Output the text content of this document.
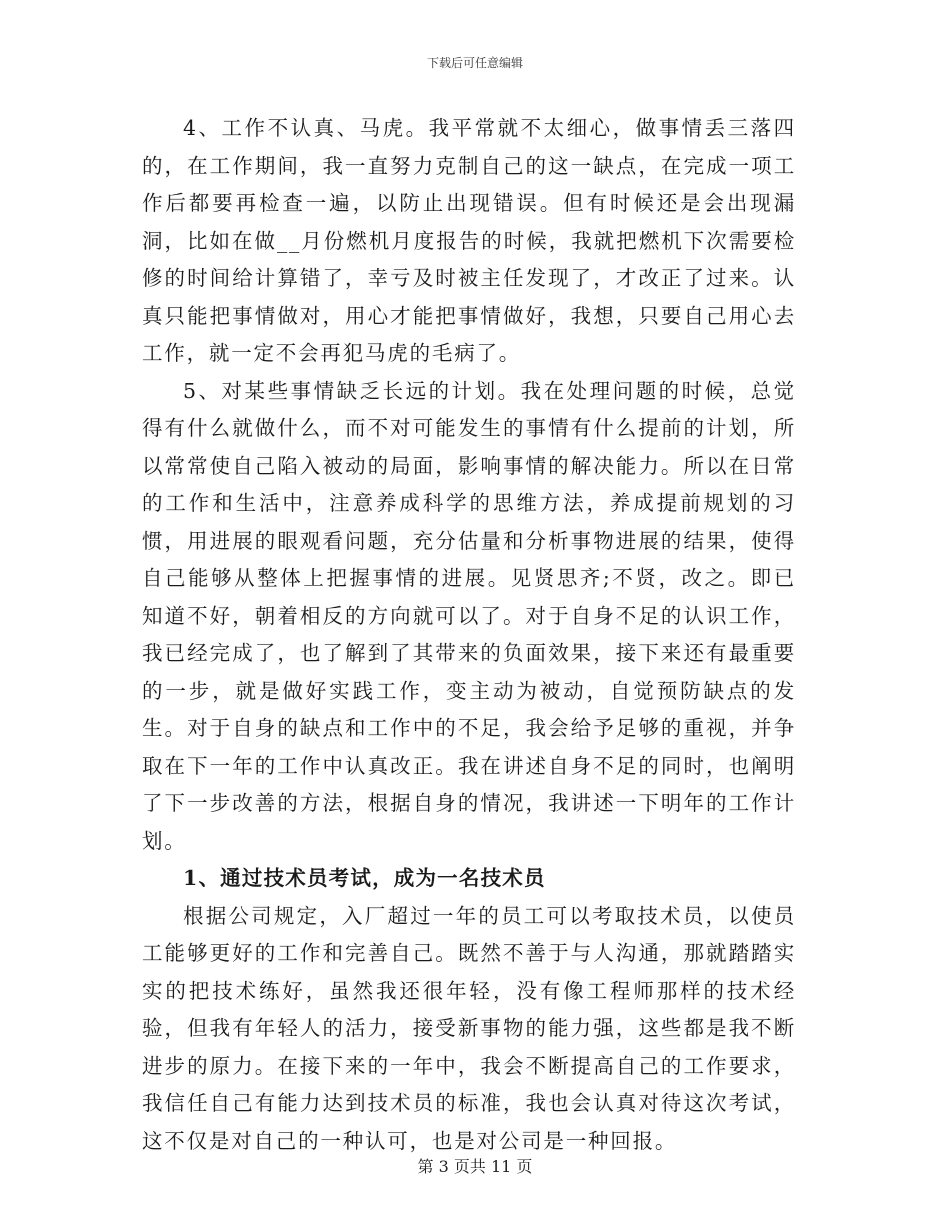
下载后可任意编辑

4、工作不认真、马虎。我平常就不太细心，做事情丢三落四的，在工作期间，我一直努力克制自己的这一缺点，在完成一项工作后都要再检查一遍，以防止出现错误。但有时候还是会出现漏洞，比如在做__月份燃机月度报告的时候，我就把燃机下次需要检修的时间给计算错了，幸亏及时被主任发现了，才改正了过来。认真只能把事情做对，用心才能把事情做好，我想，只要自己用心去工作，就一定不会再犯马虎的毛病了。

5、对某些事情缺乏长远的计划。我在处理问题的时候，总觉得有什么就做什么，而不对可能发生的事情有什么提前的计划，所以常常使自己陷入被动的局面，影响事情的解决能力。所以在日常的工作和生活中，注意养成科学的思维方法，养成提前规划的习惯，用进展的眼观看问题，充分估量和分析事物进展的结果，使得自己能够从整体上把握事情的进展。见贤思齐;不贤，改之。即已知道不好，朝着相反的方向就可以了。对于自身不足的认识工作，我已经完成了，也了解到了其带来的负面效果，接下来还有最重要的一步，就是做好实践工作，变主动为被动，自觉预防缺点的发生。对于自身的缺点和工作中的不足，我会给予足够的重视，并争取在下一年的工作中认真改正。我在讲述自身不足的同时，也阐明了下一步改善的方法，根据自身的情况，我讲述一下明年的工作计划。

1、通过技术员考试，成为一名技术员

根据公司规定，入厂超过一年的员工可以考取技术员，以使员工能够更好的工作和完善自己。既然不善于与人沟通，那就踏踏实实的把技术练好，虽然我还很年轻，没有像工程师那样的技术经验，但我有年轻人的活力，接受新事物的能力强，这些都是我不断进步的原力。在接下来的一年中，我会不断提高自己的工作要求，我信任自己有能力达到技术员的标准，我也会认真对待这次考试，这不仅是对自己的一种认可，也是对公司是一种回报。

第 3 页共 11 页
